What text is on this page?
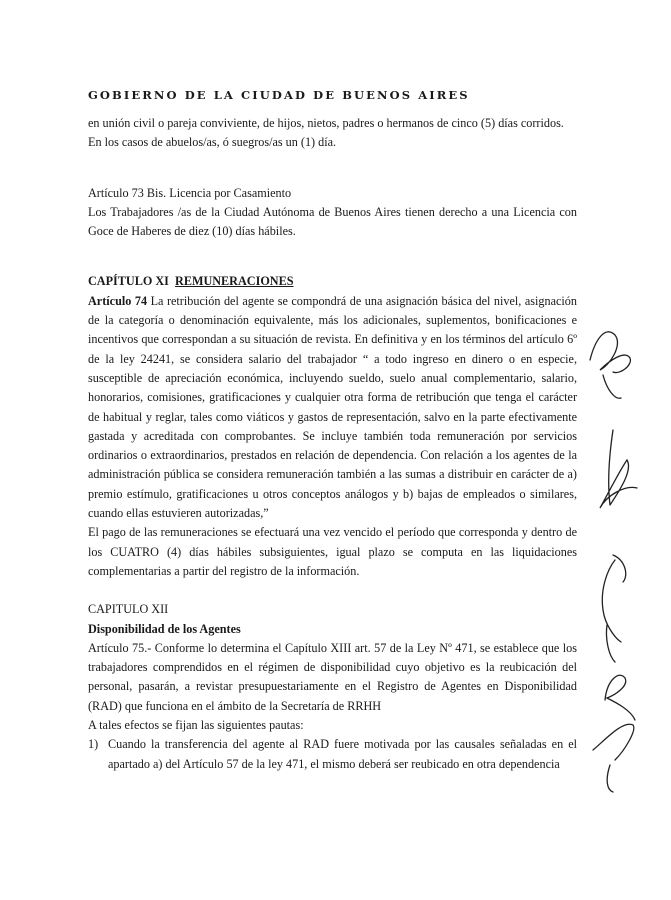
GOBIERNO DE LA CIUDAD DE BUENOS AIRES

en unión civil o pareja conviviente, de hijos, nietos, padres o hermanos de cinco (5) días corridos.

En los casos de abuelos/as, ó suegros/as un (1) día.

Artículo 73 Bis. Licencia por Casamiento

Los Trabajadores /as de la Ciudad Autónoma de Buenos Aires tienen derecho a una Licencia con Goce de Haberes de diez (10) días hábiles.

CAPÍTULO XI REMUNERACIONES

Artículo 74 La retribución del agente se compondrá de una asignación básica del nivel, asignación de la categoría o denominación equivalente, más los adicionales, suplementos, bonificaciones e incentivos que correspondan a su situación de revista. En definitiva y en los términos del artículo 6º de la ley 24241, se considera salario del trabajador “ a todo ingreso en dinero o en especie, susceptible de apreciación económica, incluyendo sueldo, suelo anual complementario, salario, honorarios, comisiones, gratificaciones y cualquier otra forma de retribución que tenga el carácter de habitual y reglar, tales como viáticos y gastos de representación, salvo en la parte efectivamente gastada y acreditada con comprobantes. Se incluye también toda remuneración por servicios ordinarios o extraordinarios, prestados en relación de dependencia. Con relación a los agentes de la administración pública se considera remuneración también a las sumas a distribuir en carácter de a) premio estímulo, gratificaciones u otros conceptos análogos y b) bajas de empleados o similares, cuando ellas estuvieren autorizadas,”

El pago de las remuneraciones se efectuará una vez vencido el período que corresponda y dentro de los CUATRO (4) días hábiles subsiguientes, igual plazo se computa en las liquidaciones complementarias a partir del registro de la información.

CAPITULO XII

Disponibilidad de los Agentes

Artículo 75.- Conforme lo determina el Capítulo XIII art. 57 de la Ley Nº 471, se establece que los trabajadores comprendidos en el régimen de disponibilidad cuyo objetivo es la reubicación del personal, pasarán, a revistar presupuestariamente en el Registro de Agentes en Disponibilidad (RAD) que funciona en el ámbito de la Secretaría de RRHH

A tales efectos se fijan las siguientes pautas:

1) Cuando la transferencia del agente al RAD fuere motivada por las causales señaladas en el apartado a) del Artículo 57 de la ley 471, el mismo deberá ser reubicado en otra dependencia
